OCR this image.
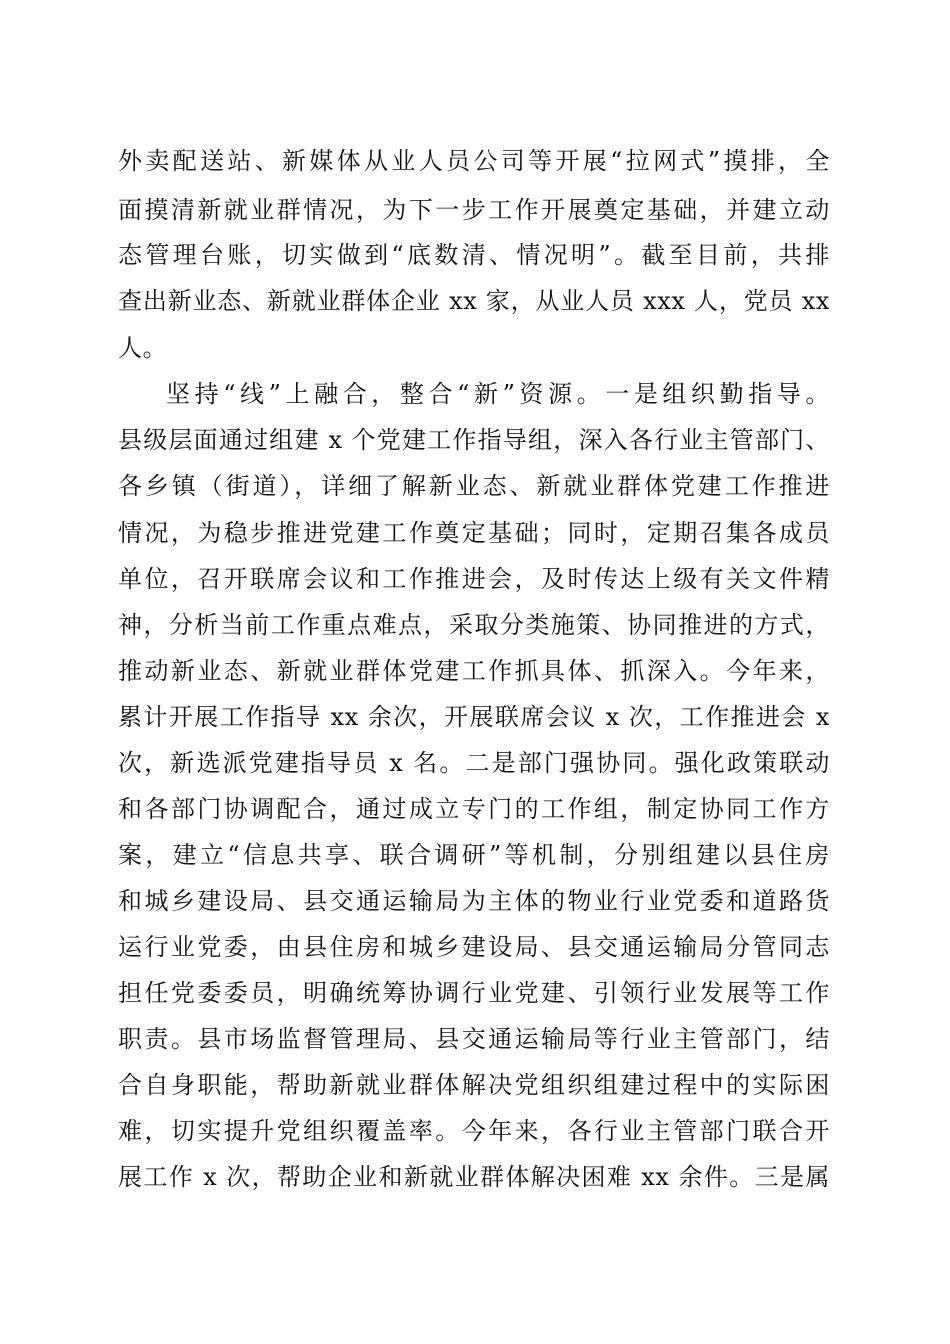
外卖配送站、新媒体从业人员公司等开展“拉网式”摸排，全
面摸清新就业群情况，为下一步工作开展奠定基础，并建立动
态管理台账，切实做到“底数清、情况明”。截至目前，共排
查出新业态、新就业群体企业 xx 家，从业人员 xxx 人，党员 xx
人。
坚持“线”上融合，整合“新”资源。一是组织勤指导。
县级层面通过组建 x 个党建工作指导组，深入各行业主管部门、
各乡镇（街道），详细了解新业态、新就业群体党建工作推进
情况，为稳步推进党建工作奠定基础；同时，定期召集各成员
单位，召开联席会议和工作推进会，及时传达上级有关文件精
神，分析当前工作重点难点，采取分类施策、协同推进的方式，
推动新业态、新就业群体党建工作抓具体、抓深入。今年来，
累计开展工作指导 xx 余次，开展联席会议 x 次，工作推进会 x
次，新选派党建指导员 x 名。二是部门强协同。强化政策联动
和各部门协调配合，通过成立专门的工作组，制定协同工作方
案，建立“信息共享、联合调研”等机制，分别组建以县住房
和城乡建设局、县交通运输局为主体的物业行业党委和道路货
运行业党委，由县住房和城乡建设局、县交通运输局分管同志
担任党委委员，明确统筹协调行业党建、引领行业发展等工作
职责。县市场监督管理局、县交通运输局等行业主管部门，结
合自身职能，帮助新就业群体解决党组织组建过程中的实际困
难，切实提升党组织覆盖率。今年来，各行业主管部门联合开
展工作 x 次，帮助企业和新就业群体解决困难 xx 余件。三是属
